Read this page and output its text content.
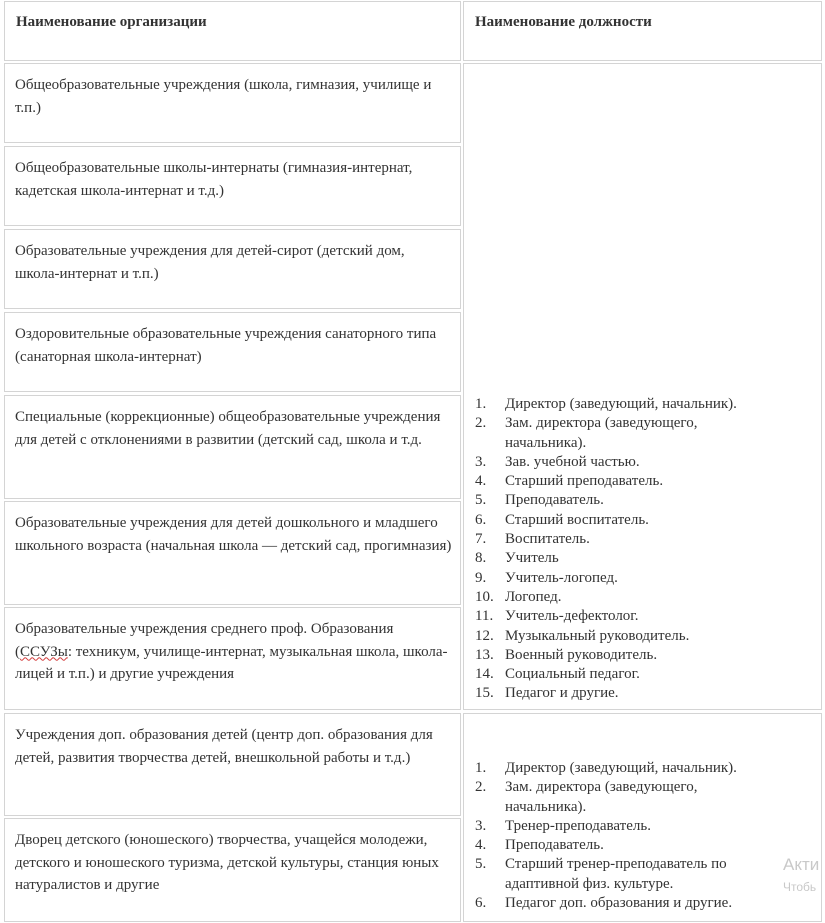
Наименование организации	Наименование должности
Общеобразовательные учреждения (школа, гимназия, училище и т.п.)
Общеобразовательные школы-интернаты (гимназия-интернат, кадетская школа-интернат и т.д.)
Образовательные учреждения для детей-сирот (детский дом, школа-интернат и т.п.)
Оздоровительные образовательные учреждения санаторного типа (санаторная школа-интернат)
Специальные (коррекционные) общеобразовательные учреждения для детей с отклонениями в развитии (детский сад, школа и т.д.
Образовательные учреждения для детей дошкольного и младшего школьного возраста (начальная школа — детский сад, прогимназия)
Образовательные учреждения среднего проф. Образования (ССУЗы: техникум, училище-интернат, музыкальная школа, школа-лицей и т.п.) и другие учреждения
Учреждения доп. образования детей (центр доп. образования для детей, развития творчества детей, внешкольной работы и т.д.)
Дворец детского (юношеского) творчества, учащейся молодежи, детского и юношеского туризма, детской культуры, станция юных натуралистов и другие
1. Директор (заведующий, начальник).
2. Зам. директора (заведующего,
начальника).
3. Зав. учебной частью.
4. Старший преподаватель.
5. Преподаватель.
6. Старший воспитатель.
7. Воспитатель.
8. Учитель
9. Учитель-логопед.
10. Логопед.
11. Учитель-дефектолог.
12. Музыкальный руководитель.
13. Военный руководитель.
14. Социальный педагог.
15. Педагог и другие.
1. Директор (заведующий, начальник).
2. Зам. директора (заведующего,
начальника).
3. Тренер-преподаватель.
4. Преподаватель.
5. Старший тренер-преподаватель по
адаптивной физ. культуре.
6. Педагог доп. образования и другие.
Акти
Чтобь
